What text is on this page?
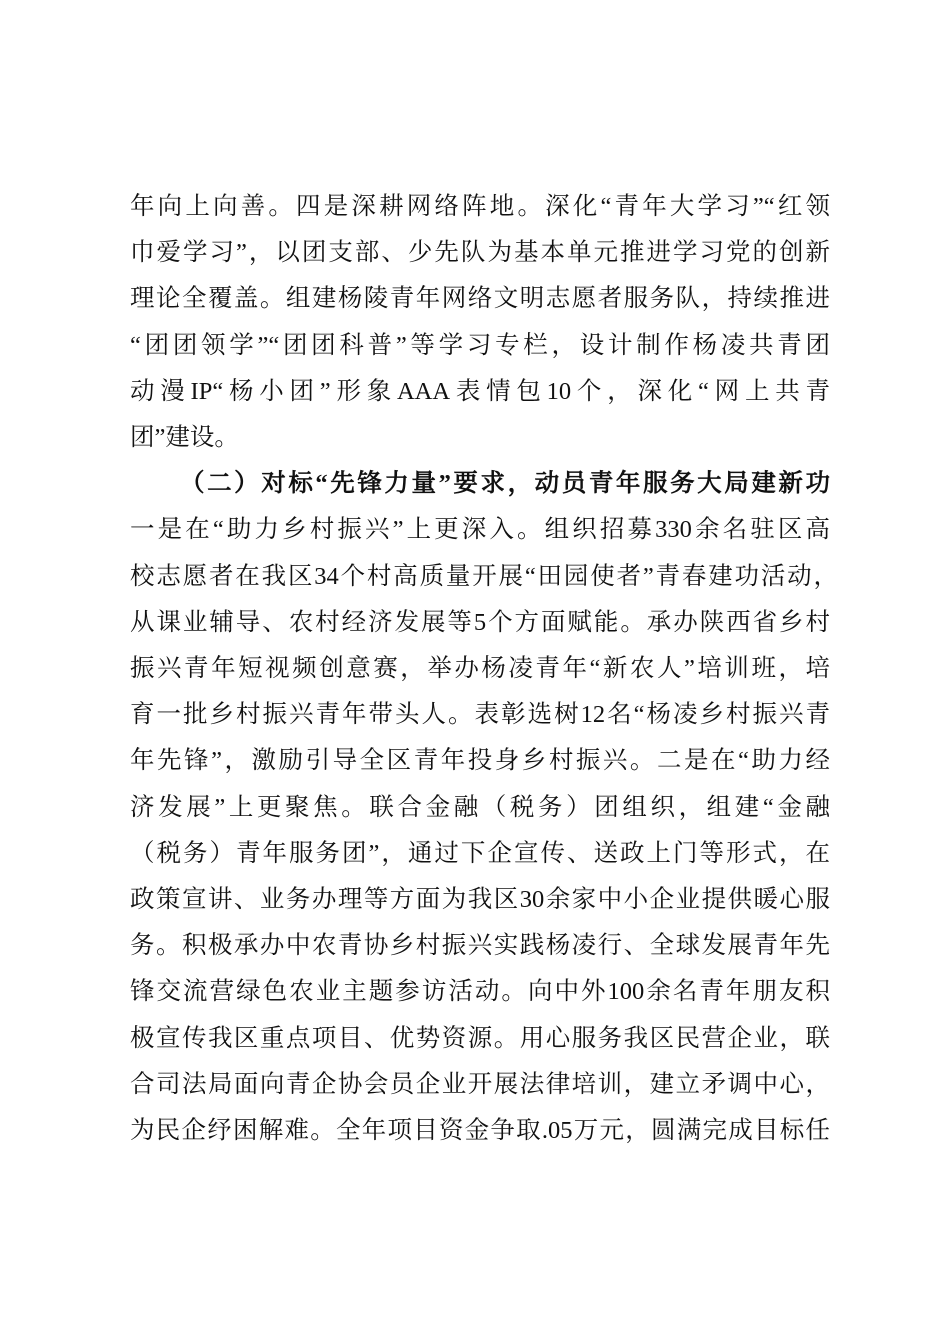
年向上向善。四是深耕网络阵地。深化“青年大学习”“红领
巾爱学习”，以团支部、少先队为基本单元推进学习党的创新
理论全覆盖。组建杨陵青年网络文明志愿者服务队，持续推进
“团团领学”“团团科普”等学习专栏，设计制作杨凌共青团
动漫IP“杨小团”形象AAA表情包10个，深化“网上共青
团”建设。
（二）对标“先锋力量”要求，动员青年服务大局建新功
一是在“助力乡村振兴”上更深入。组织招募330余名驻区高
校志愿者在我区34个村高质量开展“田园使者”青春建功活动，
从课业辅导、农村经济发展等5个方面赋能。承办陕西省乡村
振兴青年短视频创意赛，举办杨凌青年“新农人”培训班，培
育一批乡村振兴青年带头人。表彰选树12名“杨凌乡村振兴青
年先锋”，激励引导全区青年投身乡村振兴。二是在“助力经
济发展”上更聚焦。联合金融（税务）团组织，组建“金融
（税务）青年服务团”，通过下企宣传、送政上门等形式，在
政策宣讲、业务办理等方面为我区30余家中小企业提供暖心服
务。积极承办中农青协乡村振兴实践杨凌行、全球发展青年先
锋交流营绿色农业主题参访活动。向中外100余名青年朋友积
极宣传我区重点项目、优势资源。用心服务我区民营企业，联
合司法局面向青企协会员企业开展法律培训，建立矛调中心，
为民企纾困解难。全年项目资金争取.05万元，圆满完成目标任
